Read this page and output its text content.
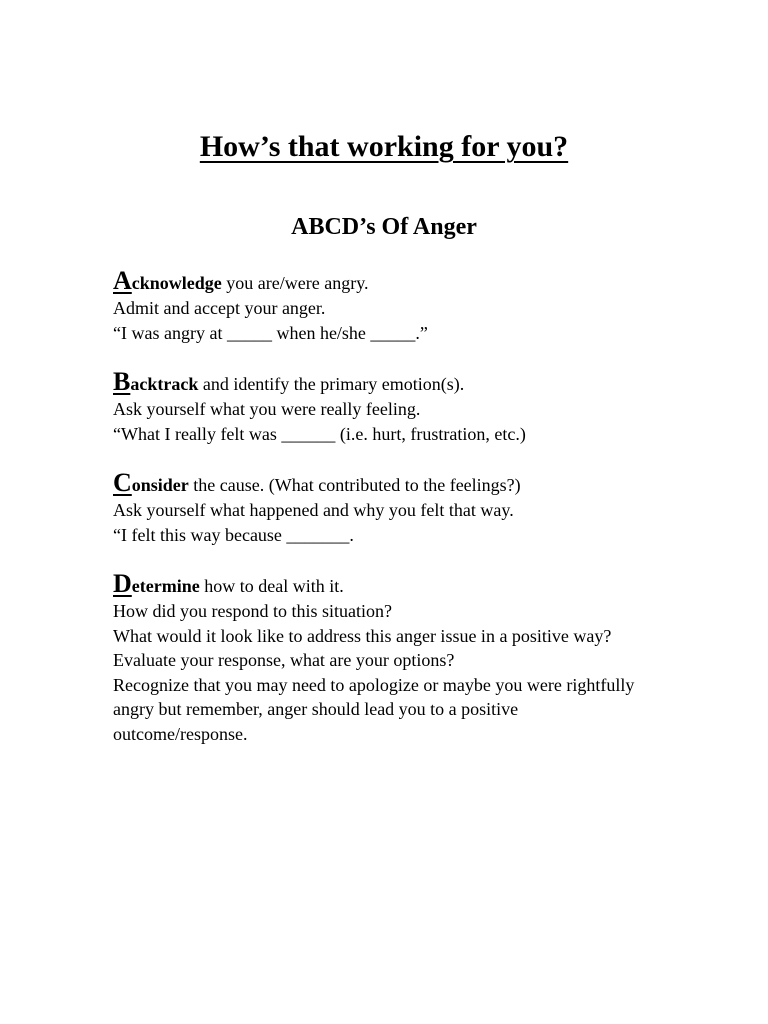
How’s that working for you?
ABCD’s Of Anger
Acknowledge you are/were angry.
Admit and accept your anger.
“I was angry at _____ when he/she _____.”
Backtrack and identify the primary emotion(s).
Ask yourself what you were really feeling.
“What I really felt was ______ (i.e. hurt, frustration, etc.)
Consider the cause. (What contributed to the feelings?)
Ask yourself what happened and why you felt that way.
“I felt this way because _______.
Determine how to deal with it.
How did you respond to this situation?
What would it look like to address this anger issue in a positive way?
Evaluate your response, what are your options?
Recognize that you may need to apologize or maybe you were rightfully angry but remember, anger should lead you to a positive outcome/response.
